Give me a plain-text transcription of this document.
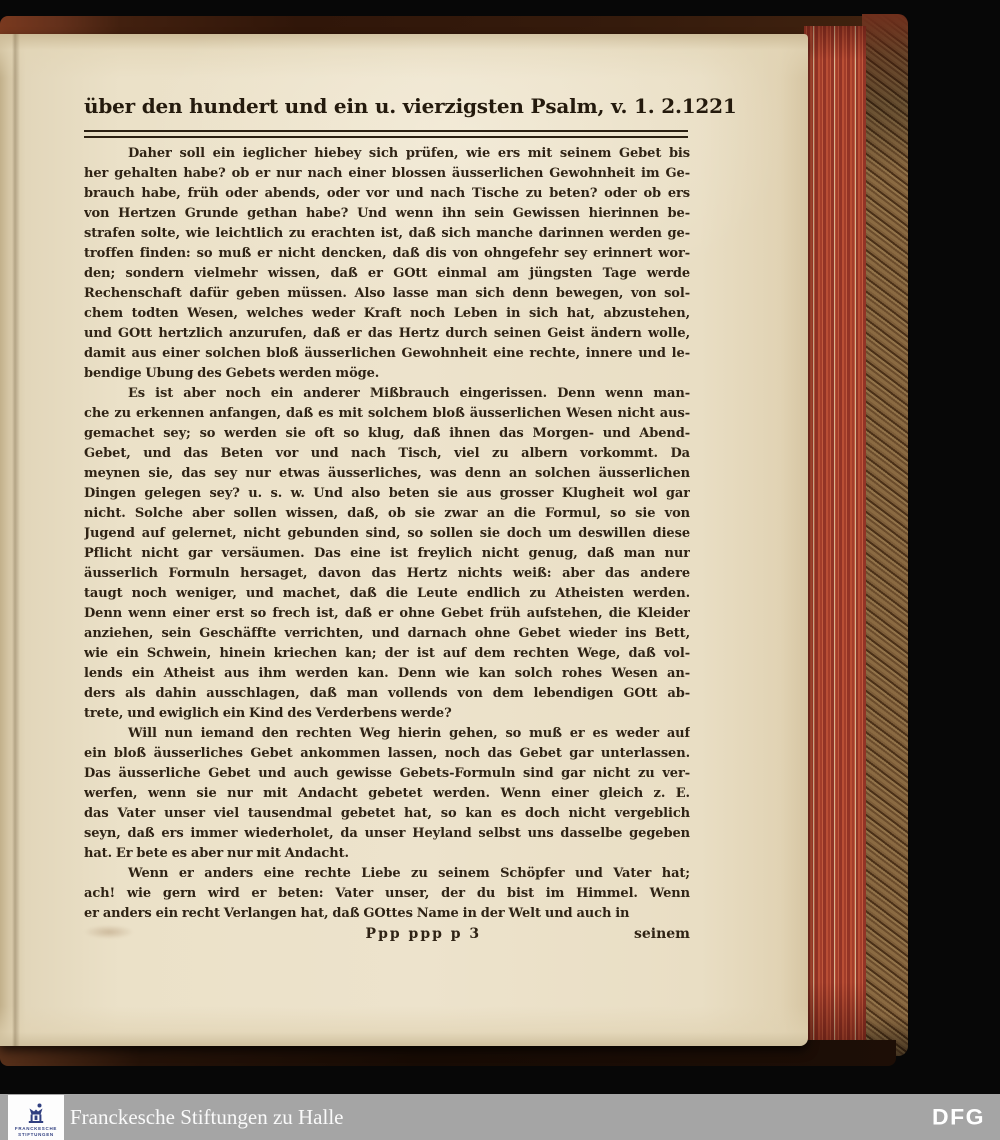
über den hundert und ein u. vierzigsten Psalm, v. 1. 2. 1221
Daher soll ein ieglicher hiebey sich prüfen, wie ers mit seinem Gebet bis
her gehalten habe? ob er nur nach einer blossen äusserlichen Gewohnheit im Ge-
brauch habe, früh oder abends, oder vor und nach Tische zu beten? oder ob ers
von Hertzen Grunde gethan habe? Und wenn ihn sein Gewissen hierinnen be-
strafen solte, wie leichtlich zu erachten ist, daß sich manche darinnen werden ge-
troffen finden: so muß er nicht dencken, daß dis von ohngefehr sey erinnert wor-
den; sondern vielmehr wissen, daß er GOtt einmal am jüngsten Tage werde
Rechenschaft dafür geben müssen. Also lasse man sich denn bewegen, von sol-
chem todten Wesen, welches weder Kraft noch Leben in sich hat, abzustehen,
und GOtt hertzlich anzurufen, daß er das Hertz durch seinen Geist ändern wolle,
damit aus einer solchen bloß äusserlichen Gewohnheit eine rechte, innere und le-
bendige Ubung des Gebets werden möge.
Es ist aber noch ein anderer Mißbrauch eingerissen. Denn wenn man-
che zu erkennen anfangen, daß es mit solchem bloß äusserlichen Wesen nicht aus-
gemachet sey; so werden sie oft so klug, daß ihnen das Morgen- und Abend-
Gebet, und das Beten vor und nach Tisch, viel zu albern vorkommt. Da
meynen sie, das sey nur etwas äusserliches, was denn an solchen äusserlichen
Dingen gelegen sey? u. s. w. Und also beten sie aus grosser Klugheit wol gar
nicht. Solche aber sollen wissen, daß, ob sie zwar an die Formul, so sie von
Jugend auf gelernet, nicht gebunden sind, so sollen sie doch um deswillen diese
Pflicht nicht gar versäumen. Das eine ist freylich nicht genug, daß man nur
äusserlich Formuln hersaget, davon das Hertz nichts weiß: aber das andere
taugt noch weniger, und machet, daß die Leute endlich zu Atheisten werden.
Denn wenn einer erst so frech ist, daß er ohne Gebet früh aufstehen, die Kleider
anziehen, sein Geschäffte verrichten, und darnach ohne Gebet wieder ins Bett,
wie ein Schwein, hinein kriechen kan; der ist auf dem rechten Wege, daß vol-
lends ein Atheist aus ihm werden kan. Denn wie kan solch rohes Wesen an-
ders als dahin ausschlagen, daß man vollends von dem lebendigen GOtt ab-
trete, und ewiglich ein Kind des Verderbens werde?
Will nun iemand den rechten Weg hierin gehen, so muß er es weder auf
ein bloß äusserliches Gebet ankommen lassen, noch das Gebet gar unterlassen.
Das äusserliche Gebet und auch gewisse Gebets-Formuln sind gar nicht zu ver-
werfen, wenn sie nur mit Andacht gebetet werden. Wenn einer gleich z. E.
das Vater unser viel tausendmal gebetet hat, so kan es doch nicht vergeblich
seyn, daß ers immer wiederholet, da unser Heyland selbst uns dasselbe gegeben
hat. Er bete es aber nur mit Andacht.
Wenn er anders eine rechte Liebe zu seinem Schöpfer und Vater hat;
ach! wie gern wird er beten: Vater unser, der du bist im Himmel. Wenn
er anders ein recht Verlangen hat, daß GOttes Name in der Welt und auch in
Ppp ppp p 3	seinem
FRANCKESCHE
STIFTUNGEN
Franckesche Stiftungen zu Halle	DFG
